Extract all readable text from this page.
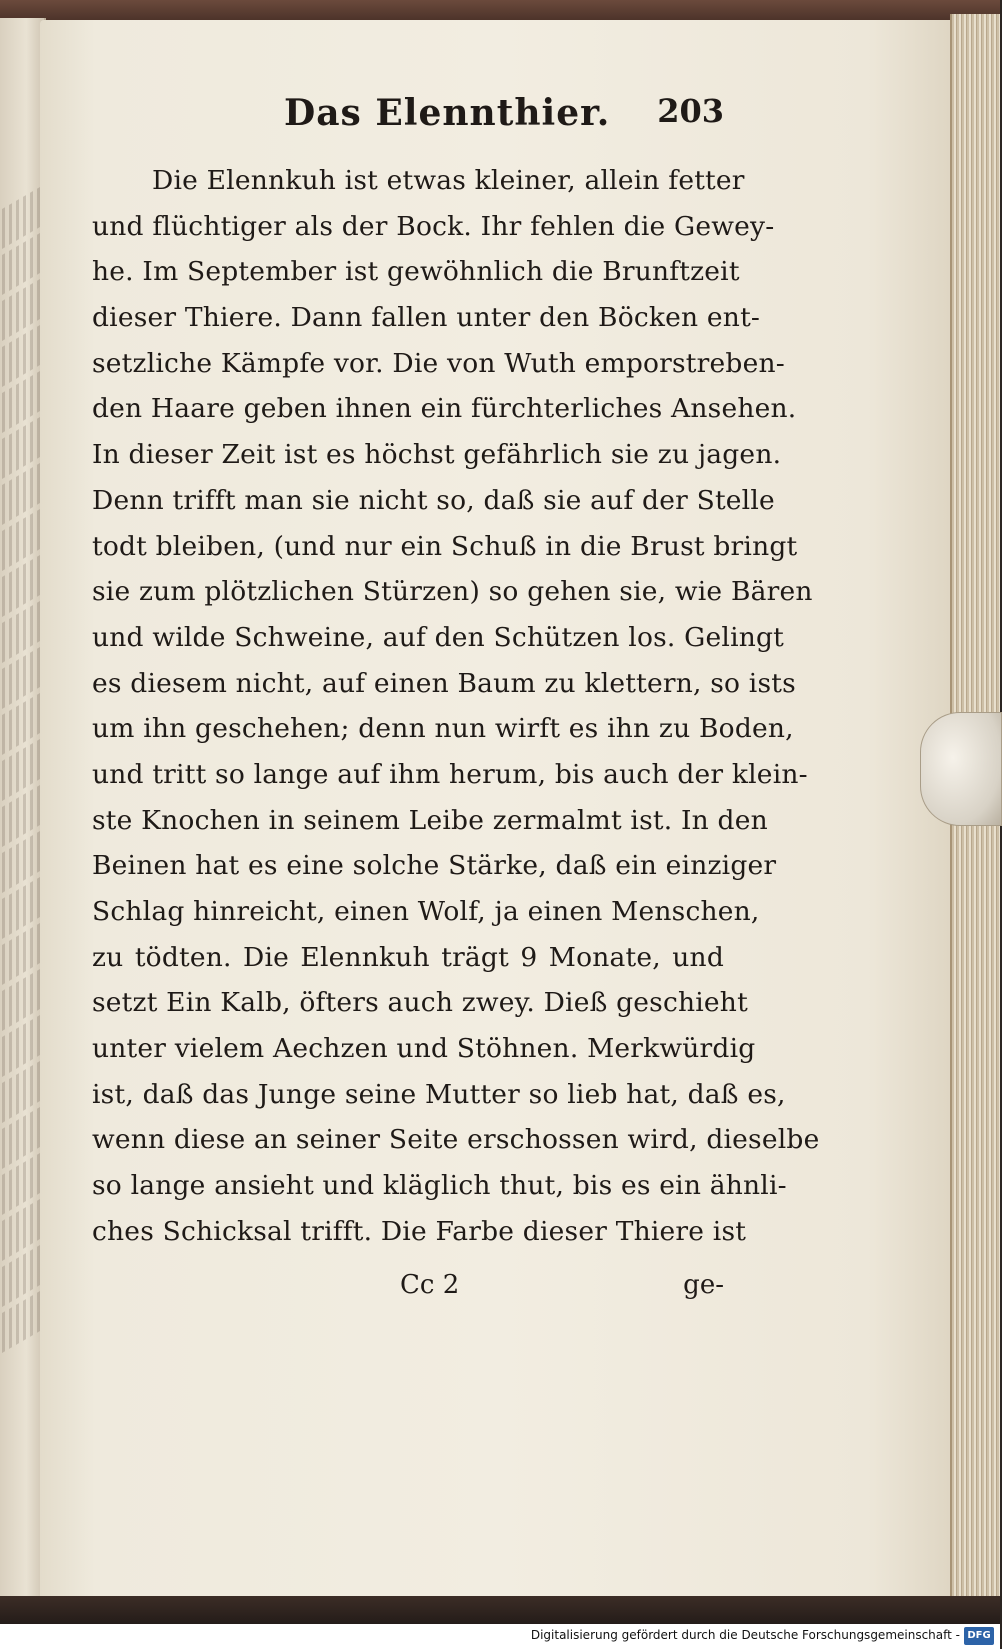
Das Elennthier. 203
Die Elennkuh ist etwas kleiner, allein fetter
und flüchtiger als der Bock. Ihr fehlen die Gewey-
he. Im September ist gewöhnlich die Brunftzeit
dieser Thiere. Dann fallen unter den Böcken ent-
setzliche Kämpfe vor. Die von Wuth emporstreben-
den Haare geben ihnen ein fürchterliches Ansehen.
In dieser Zeit ist es höchst gefährlich sie zu jagen.
Denn trifft man sie nicht so, daß sie auf der Stelle
todt bleiben, (und nur ein Schuß in die Brust bringt
sie zum plötzlichen Stürzen) so gehen sie, wie Bären
und wilde Schweine, auf den Schützen los. Gelingt
es diesem nicht, auf einen Baum zu klettern, so ists
um ihn geschehen; denn nun wirft es ihn zu Boden,
und tritt so lange auf ihm herum, bis auch der klein-
ste Knochen in seinem Leibe zermalmt ist. In den
Beinen hat es eine solche Stärke, daß ein einziger
Schlag hinreicht, einen Wolf, ja einen Menschen,
zu tödten. Die Elennkuh trägt 9 Monate, und
setzt Ein Kalb, öfters auch zwey. Dieß geschieht
unter vielem Aechzen und Stöhnen. Merkwürdig
ist, daß das Junge seine Mutter so lieb hat, daß es,
wenn diese an seiner Seite erschossen wird, dieselbe
so lange ansieht und kläglich thut, bis es ein ähnli-
ches Schicksal trifft. Die Farbe dieser Thiere ist
Cc 2	ge-
Digitalisierung gefördert durch die Deutsche Forschungsgemeinschaft - DFG
